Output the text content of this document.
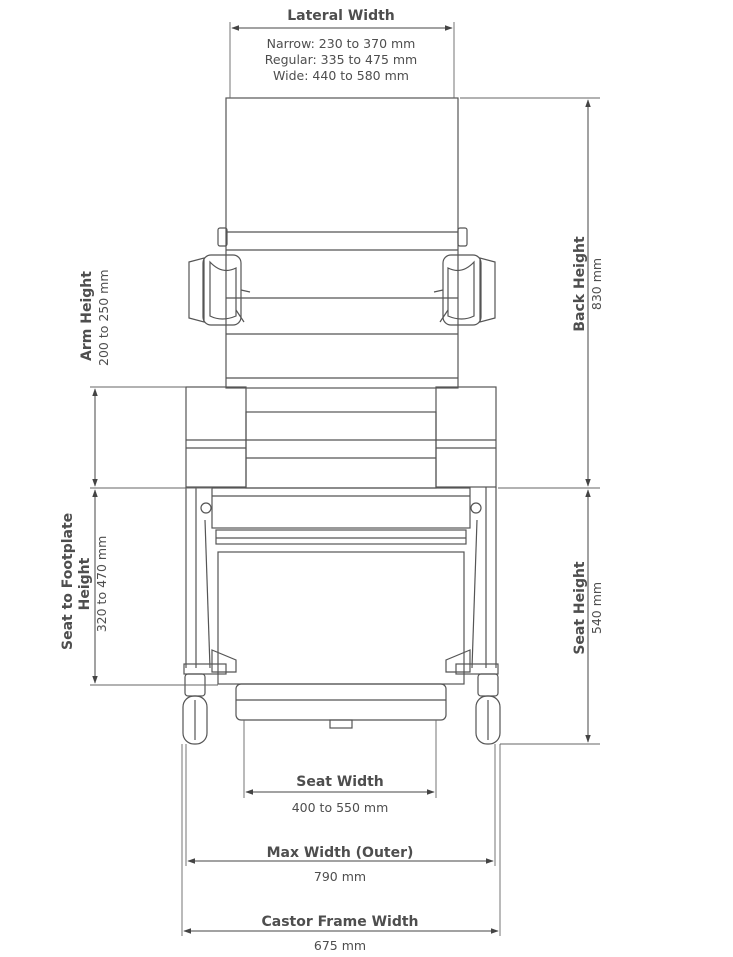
Lateral Width
Narrow: 230 to 370 mm
Regular: 335 to 475 mm
Wide: 440 to 580 mm
Back Height 830 mm
Seat Height 540 mm
Arm Height 200 to 250 mm
Seat to Footplate Height 320 to 470 mm
Seat Width
400 to 550 mm
Max Width (Outer)
790 mm
Castor Frame Width
675 mm
